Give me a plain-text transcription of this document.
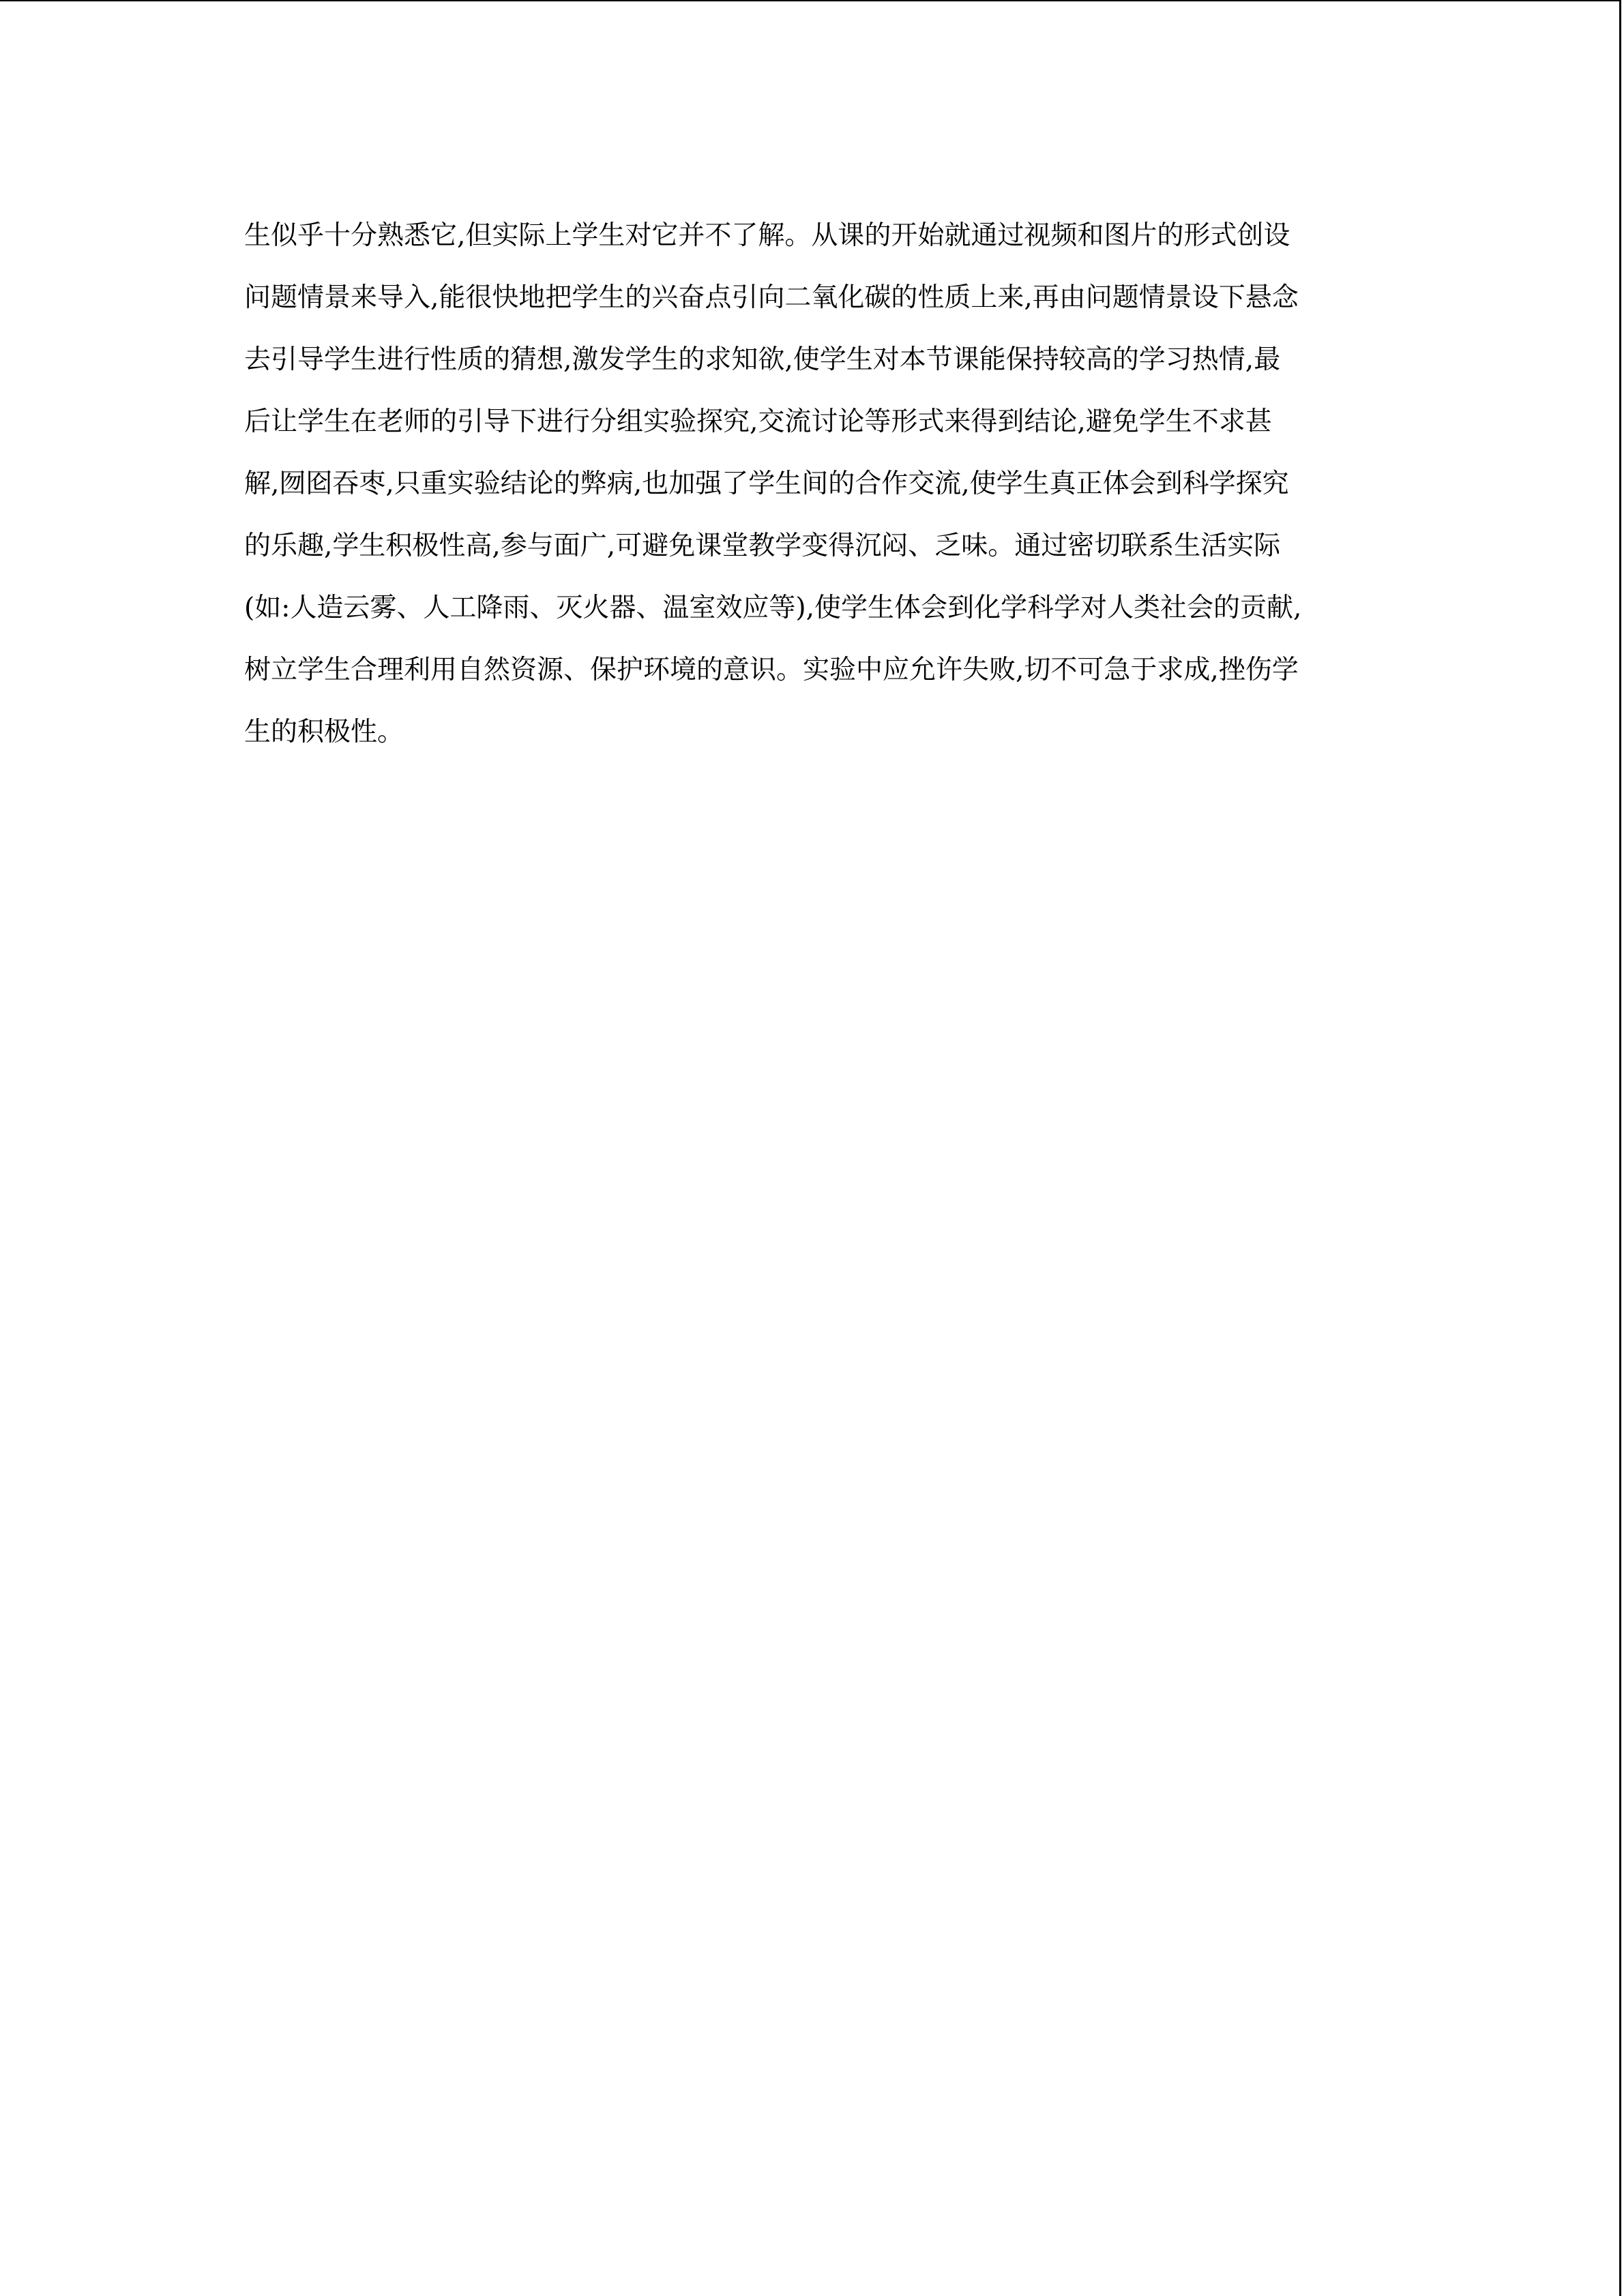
生似乎十分熟悉它,但实际上学生对它并不了解。从课的开始就通过视频和图片的形式创设
问题情景来导入,能很快地把学生的兴奋点引向二氧化碳的性质上来,再由问题情景设下悬念
去引导学生进行性质的猜想,激发学生的求知欲,使学生对本节课能保持较高的学习热情,最
后让学生在老师的引导下进行分组实验探究,交流讨论等形式来得到结论,避免学生不求甚
解,囫囵吞枣,只重实验结论的弊病,也加强了学生间的合作交流,使学生真正体会到科学探究
的乐趣,学生积极性高,参与面广,可避免课堂教学变得沉闷、乏味。通过密切联系生活实际
(如:人造云雾、人工降雨、灭火器、温室效应等),使学生体会到化学科学对人类社会的贡献,
树立学生合理利用自然资源、保护环境的意识。实验中应允许失败,切不可急于求成,挫伤学
生的积极性。
